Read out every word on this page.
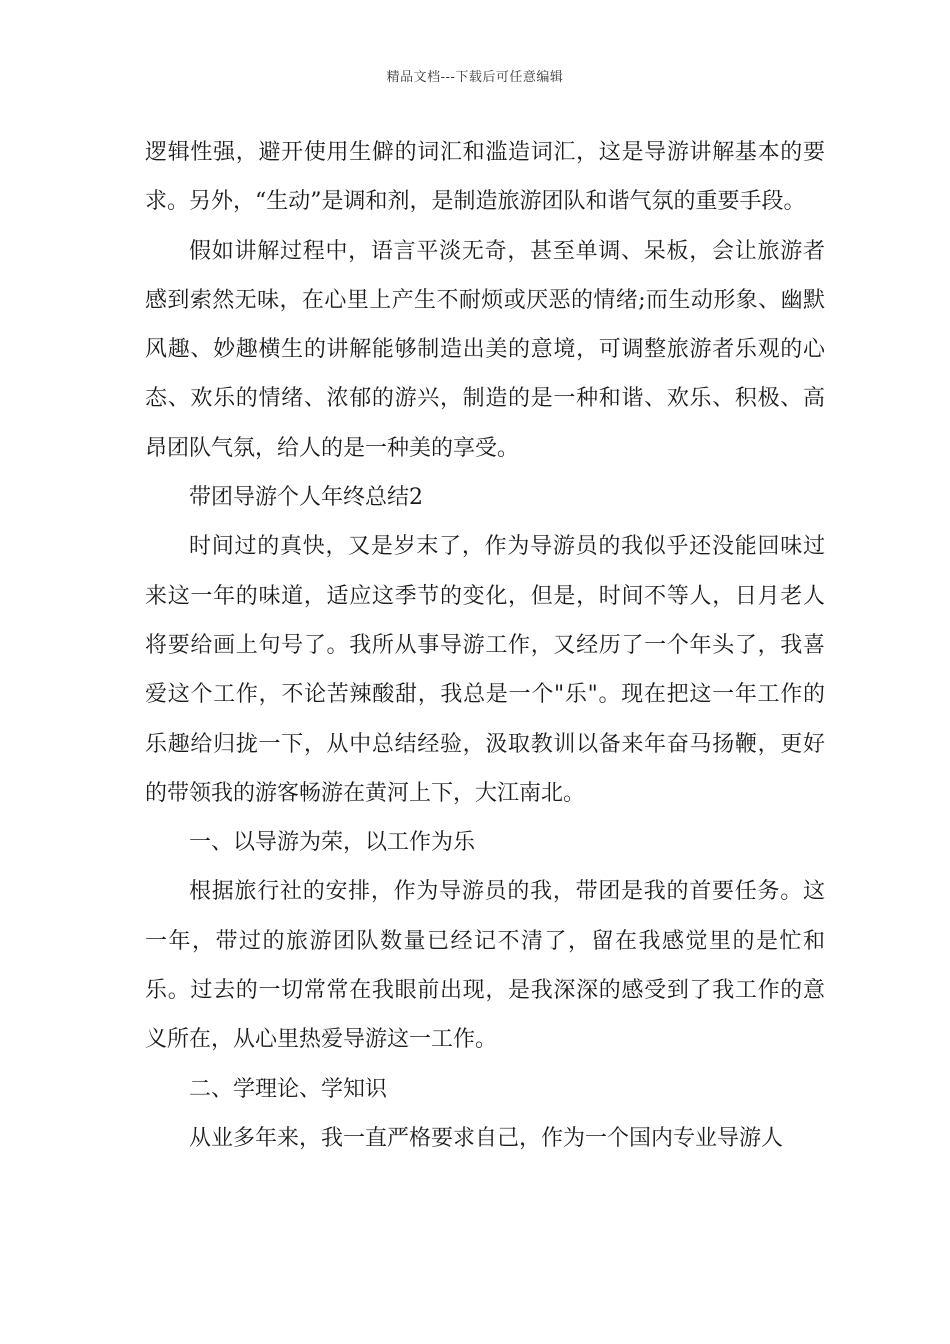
精品文档---下载后可任意编辑

逻辑性强，避开使用生僻的词汇和滥造词汇，这是导游讲解基本的要求。另外，“生动”是调和剂，是制造旅游团队和谐气氛的重要手段。

假如讲解过程中，语言平淡无奇，甚至单调、呆板，会让旅游者感到索然无味，在心里上产生不耐烦或厌恶的情绪;而生动形象、幽默风趣、妙趣横生的讲解能够制造出美的意境，可调整旅游者乐观的心态、欢乐的情绪、浓郁的游兴，制造的是一种和谐、欢乐、积极、高昂团队气氛，给人的是一种美的享受。

带团导游个人年终总结2

时间过的真快，又是岁末了，作为导游员的我似乎还没能回味过来这一年的味道，适应这季节的变化，但是，时间不等人，日月老人将要给画上句号了。我所从事导游工作，又经历了一个年头了，我喜爱这个工作，不论苦辣酸甜，我总是一个"乐"。现在把这一年工作的乐趣给归拢一下，从中总结经验，汲取教训以备来年奋马扬鞭，更好的带领我的游客畅游在黄河上下，大江南北。

一、以导游为荣，以工作为乐

根据旅行社的安排，作为导游员的我，带团是我的首要任务。这一年，带过的旅游团队数量已经记不清了，留在我感觉里的是忙和乐。过去的一切常常在我眼前出现，是我深深的感受到了我工作的意义所在，从心里热爱导游这一工作。

二、学理论、学知识

从业多年来，我一直严格要求自己，作为一个国内专业导游人
